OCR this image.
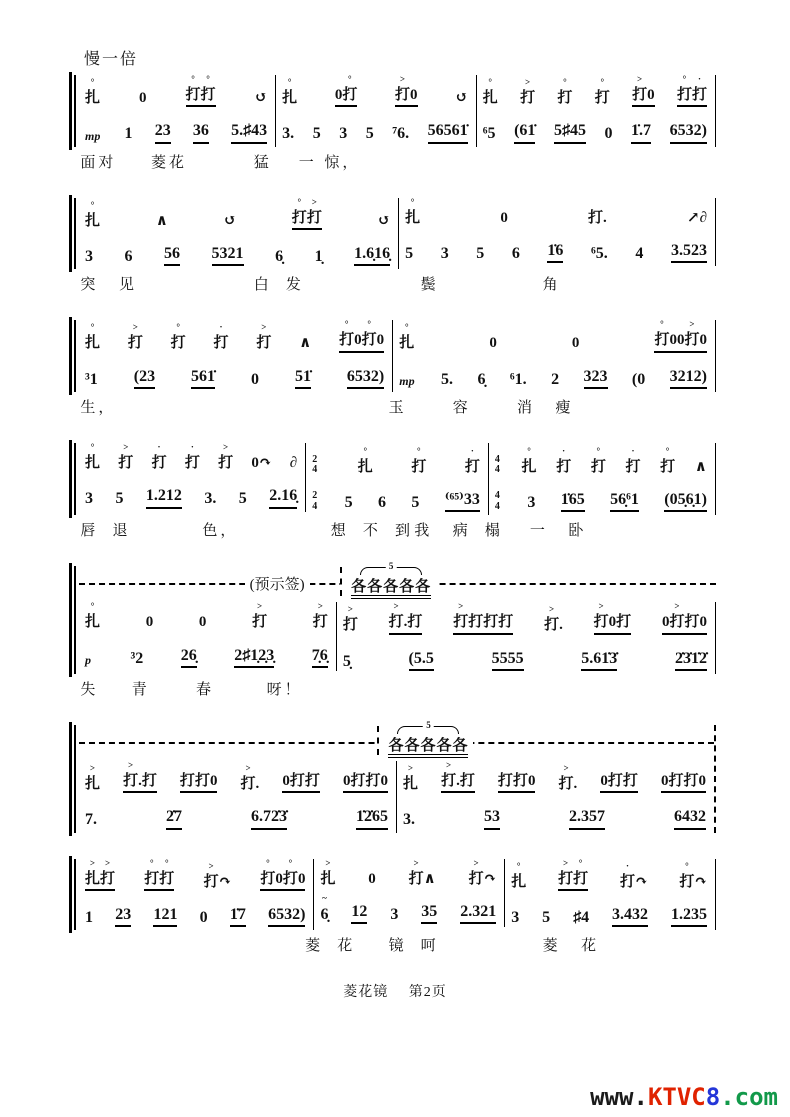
慢一倍
扎
°
0	打
°
打
°
↺
mp 1 23 36 5.♯43
扎
°
0打
°
打
>
0	↺
3. 5 3 5 ⁷6. 56561̇
扎
°
打
>
打
°
打
°
打
>
0 打
°
打
·
⁶5 (61̇ 5♯45 0 1̇.7 6532)
面对 菱花	猛 一 惊，
扎
°
∧	↺	打
°
打
>
↺
3 6 56 5321 6̣ 1̣ 1.6̣16̣
扎
°
0	打.	↗∂
5 3 5 6 1̇6 ⁶5. 4 3.523
突 见	白 发	鬓	角
扎
°
打
>
打
°
打
·
打
>
∧ 打
°
0打
°
0
³1 (23 561̇ 0 51̇ 6532)
扎
°
0	0	打
°
00打
>
0
mp 5. 6̣ ⁶1. 2 323 (0 3212)
生，	玉	容	消 瘦
扎
°
打
>
打
·
打
·
打
>
0↷ ∂
3 5 1.212 3. 5 2.16̣
2
4	扎
°
打
°
打
·
2
4 5 6 5 ⁽⁶⁵⁾33
4
4 扎
°
打
·
打
°
打
·
打
°
∧
4
4 3 1̇65 56̣⁶1 (05̣6̣1)
唇 退	色，	想 不 到 我 病 榻 一 卧
(预示签)
5
各各各各各
扎
°
0	0	打
>
打
>
p ³2 26̣ 2♯1̣2̣3̣ 7̣6̣
打
>
打
>
.打 打
>
打打打 打
>
. 打
>
0打 0打
>
打0
5̣	(5.5	5555	5.61̇3̇	2̇3̇1̇2̇
失 青	春	呀！
5
各各各各各
扎
>
打
>
.打 打打0 打
>
. 0打打 0打打0
7.	2̇7	6.72̇3̇	1̇2̇65
扎
>
打
>
.打 打打0 打
>
. 0打打 0打打0
3.	53	2.357	6432
扎
>
打
>
打
°
打
°
打
>
↷ 打
°
0打
°
0
1 23 121 0 1̇7 6532)
扎
>
0 打
>
∧ 打
>
↷
6̣
~
12 3 35 2.321
扎
°
打
>
打
°
打
·
↷ 打
°
↷
3 5 ♯4 3.432 1.235
菱 花 镜 呵	菱 花
菱花镜 第2页
www.KTVC8.com
